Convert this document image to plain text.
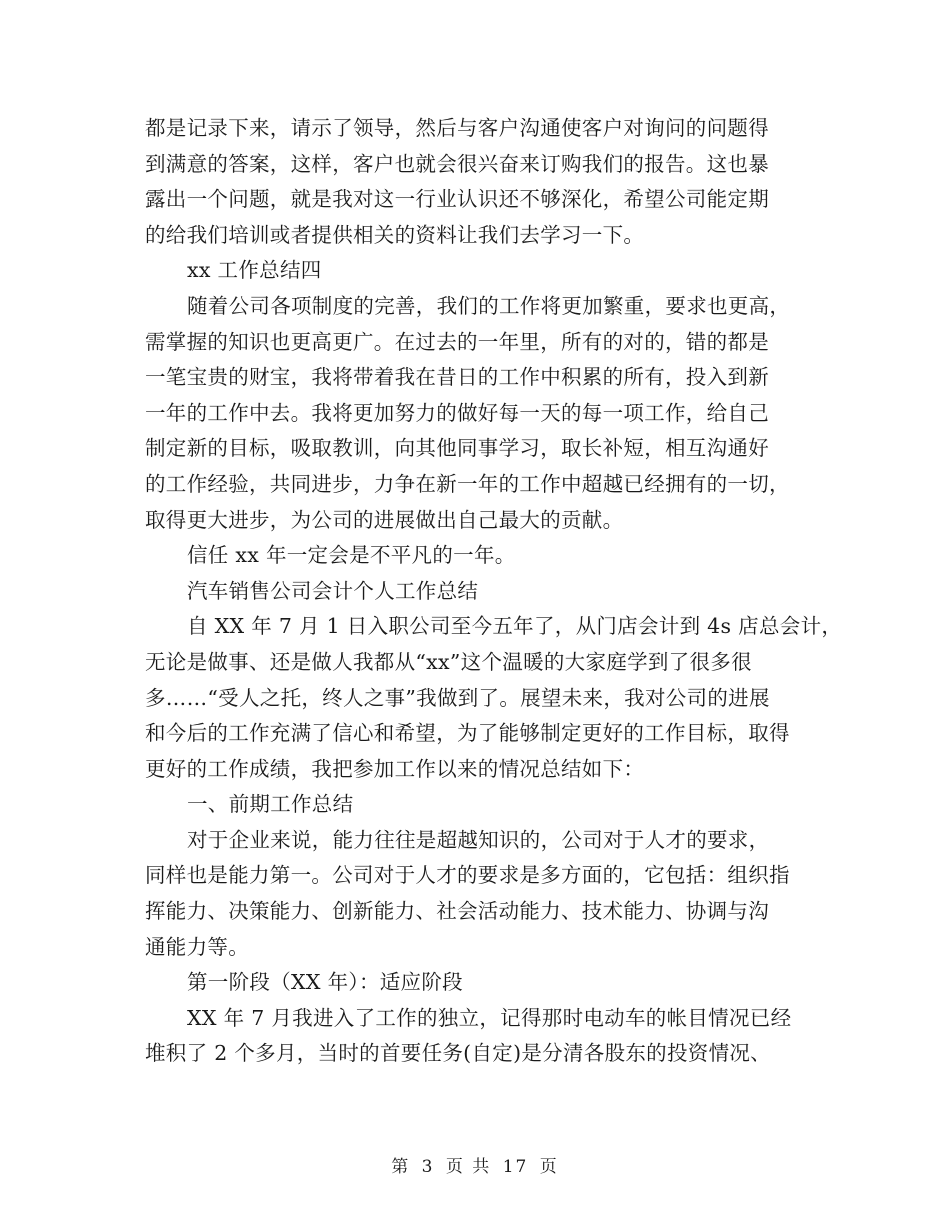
都是记录下来，请示了领导，然后与客户沟通使客户对询问的问题得
到满意的答案，这样，客户也就会很兴奋来订购我们的报告。这也暴
露出一个问题，就是我对这一行业认识还不够深化，希望公司能定期
的给我们培训或者提供相关的资料让我们去学习一下。
xx 工作总结四
随着公司各项制度的完善，我们的工作将更加繁重，要求也更高，
需掌握的知识也更高更广。在过去的一年里，所有的对的，错的都是
一笔宝贵的财宝，我将带着我在昔日的工作中积累的所有，投入到新
一年的工作中去。我将更加努力的做好每一天的每一项工作，给自己
制定新的目标，吸取教训，向其他同事学习，取长补短，相互沟通好
的工作经验，共同进步，力争在新一年的工作中超越已经拥有的一切，
取得更大进步，为公司的进展做出自己最大的贡献。
信任 xx 年一定会是不平凡的一年。
汽车销售公司会计个人工作总结
自 XX 年 7 月 1 日入职公司至今五年了，从门店会计到 4s 店总会计，
无论是做事、还是做人我都从“xx”这个温暖的大家庭学到了很多很
多……“受人之托，终人之事”我做到了。展望未来，我对公司的进展
和今后的工作充满了信心和希望，为了能够制定更好的工作目标，取得
更好的工作成绩，我把参加工作以来的情况总结如下：
一、前期工作总结
对于企业来说，能力往往是超越知识的，公司对于人才的要求，
同样也是能力第一。公司对于人才的要求是多方面的，它包括：组织指
挥能力、决策能力、创新能力、社会活动能力、技术能力、协调与沟
通能力等。
第一阶段（XX 年）：适应阶段
XX 年 7 月我进入了工作的独立，记得那时电动车的帐目情况已经
堆积了 2 个多月，当时的首要任务(自定)是分清各股东的投资情况、
第 3 页 共 17 页
